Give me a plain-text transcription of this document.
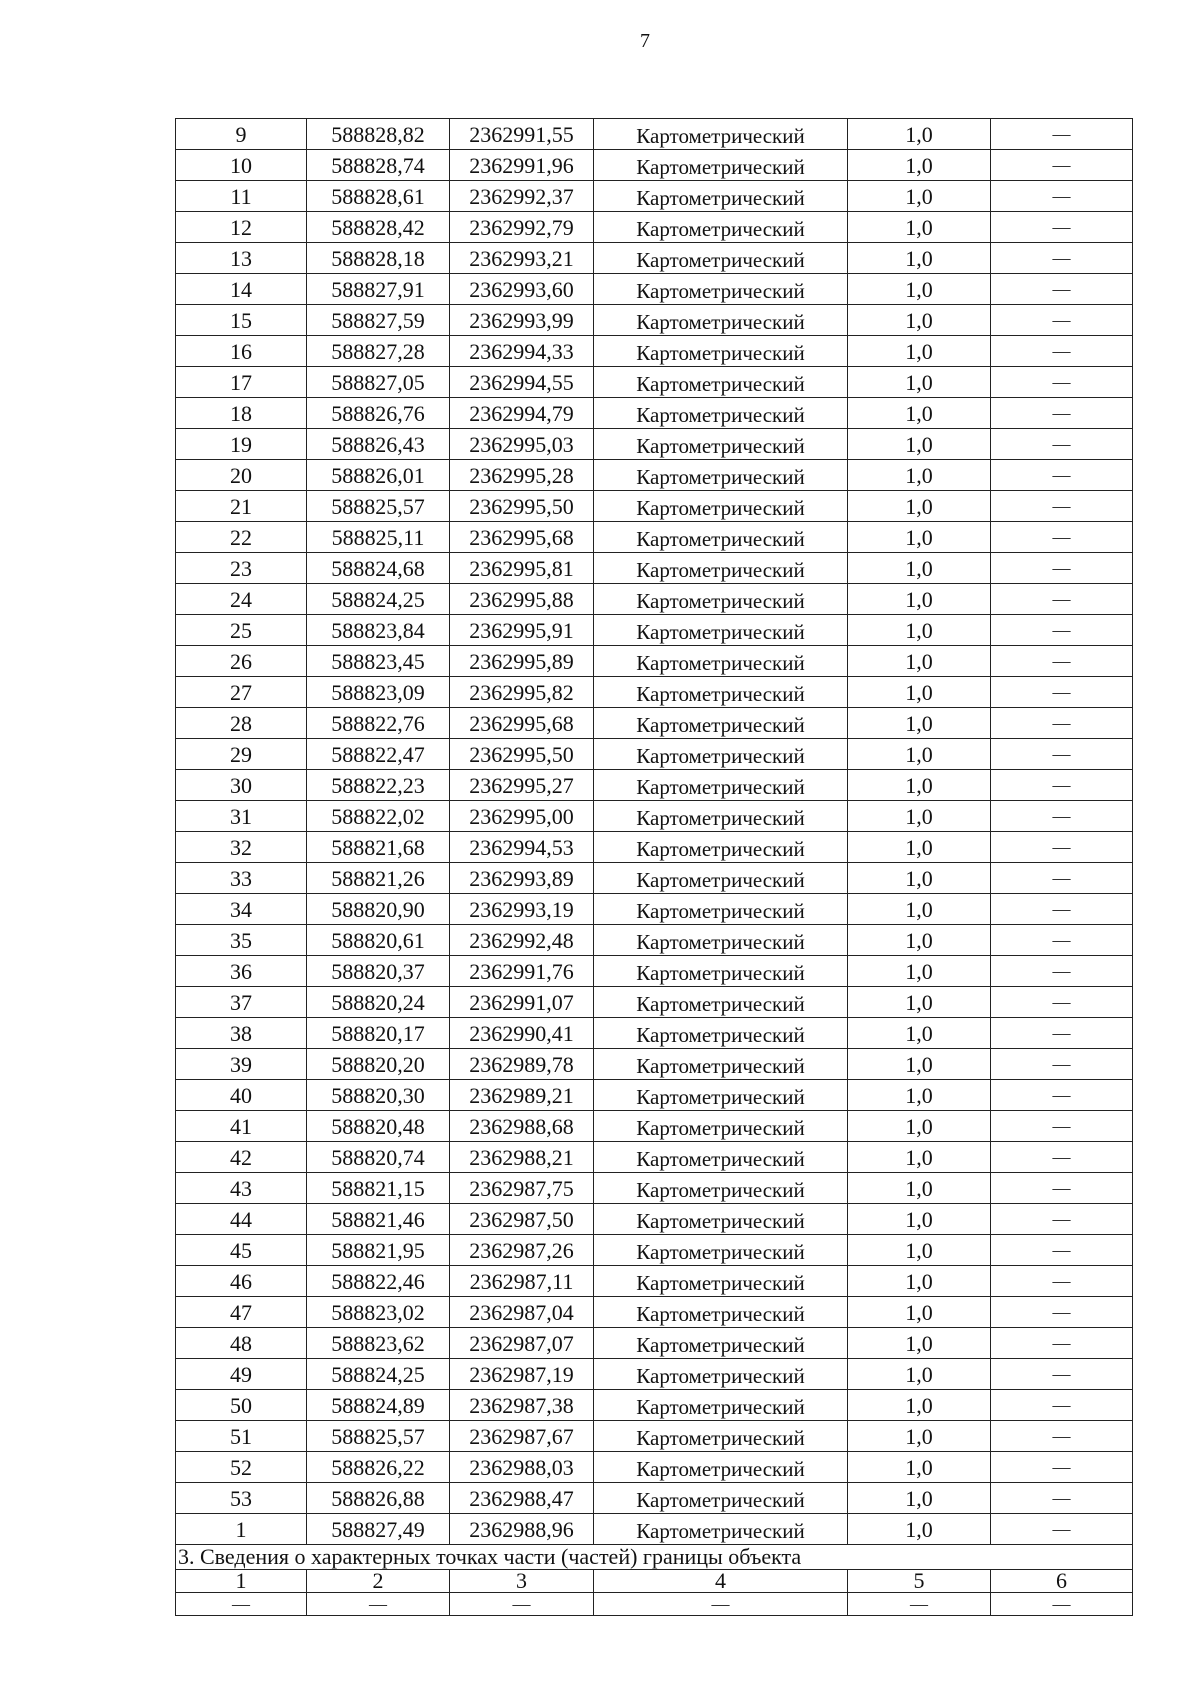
7
9	588828,82	2362991,55	Картометрический	1,0	—
10	588828,74	2362991,96	Картометрический	1,0	—
11	588828,61	2362992,37	Картометрический	1,0	—
12	588828,42	2362992,79	Картометрический	1,0	—
13	588828,18	2362993,21	Картометрический	1,0	—
14	588827,91	2362993,60	Картометрический	1,0	—
15	588827,59	2362993,99	Картометрический	1,0	—
16	588827,28	2362994,33	Картометрический	1,0	—
17	588827,05	2362994,55	Картометрический	1,0	—
18	588826,76	2362994,79	Картометрический	1,0	—
19	588826,43	2362995,03	Картометрический	1,0	—
20	588826,01	2362995,28	Картометрический	1,0	—
21	588825,57	2362995,50	Картометрический	1,0	—
22	588825,11	2362995,68	Картометрический	1,0	—
23	588824,68	2362995,81	Картометрический	1,0	—
24	588824,25	2362995,88	Картометрический	1,0	—
25	588823,84	2362995,91	Картометрический	1,0	—
26	588823,45	2362995,89	Картометрический	1,0	—
27	588823,09	2362995,82	Картометрический	1,0	—
28	588822,76	2362995,68	Картометрический	1,0	—
29	588822,47	2362995,50	Картометрический	1,0	—
30	588822,23	2362995,27	Картометрический	1,0	—
31	588822,02	2362995,00	Картометрический	1,0	—
32	588821,68	2362994,53	Картометрический	1,0	—
33	588821,26	2362993,89	Картометрический	1,0	—
34	588820,90	2362993,19	Картометрический	1,0	—
35	588820,61	2362992,48	Картометрический	1,0	—
36	588820,37	2362991,76	Картометрический	1,0	—
37	588820,24	2362991,07	Картометрический	1,0	—
38	588820,17	2362990,41	Картометрический	1,0	—
39	588820,20	2362989,78	Картометрический	1,0	—
40	588820,30	2362989,21	Картометрический	1,0	—
41	588820,48	2362988,68	Картометрический	1,0	—
42	588820,74	2362988,21	Картометрический	1,0	—
43	588821,15	2362987,75	Картометрический	1,0	—
44	588821,46	2362987,50	Картометрический	1,0	—
45	588821,95	2362987,26	Картометрический	1,0	—
46	588822,46	2362987,11	Картометрический	1,0	—
47	588823,02	2362987,04	Картометрический	1,0	—
48	588823,62	2362987,07	Картометрический	1,0	—
49	588824,25	2362987,19	Картометрический	1,0	—
50	588824,89	2362987,38	Картометрический	1,0	—
51	588825,57	2362987,67	Картометрический	1,0	—
52	588826,22	2362988,03	Картометрический	1,0	—
53	588826,88	2362988,47	Картометрический	1,0	—
1	588827,49	2362988,96	Картометрический	1,0	—
3. Сведения о характерных точках части (частей) границы объекта					
1	2	3	4	5	6
—	—	—	—	—	—
